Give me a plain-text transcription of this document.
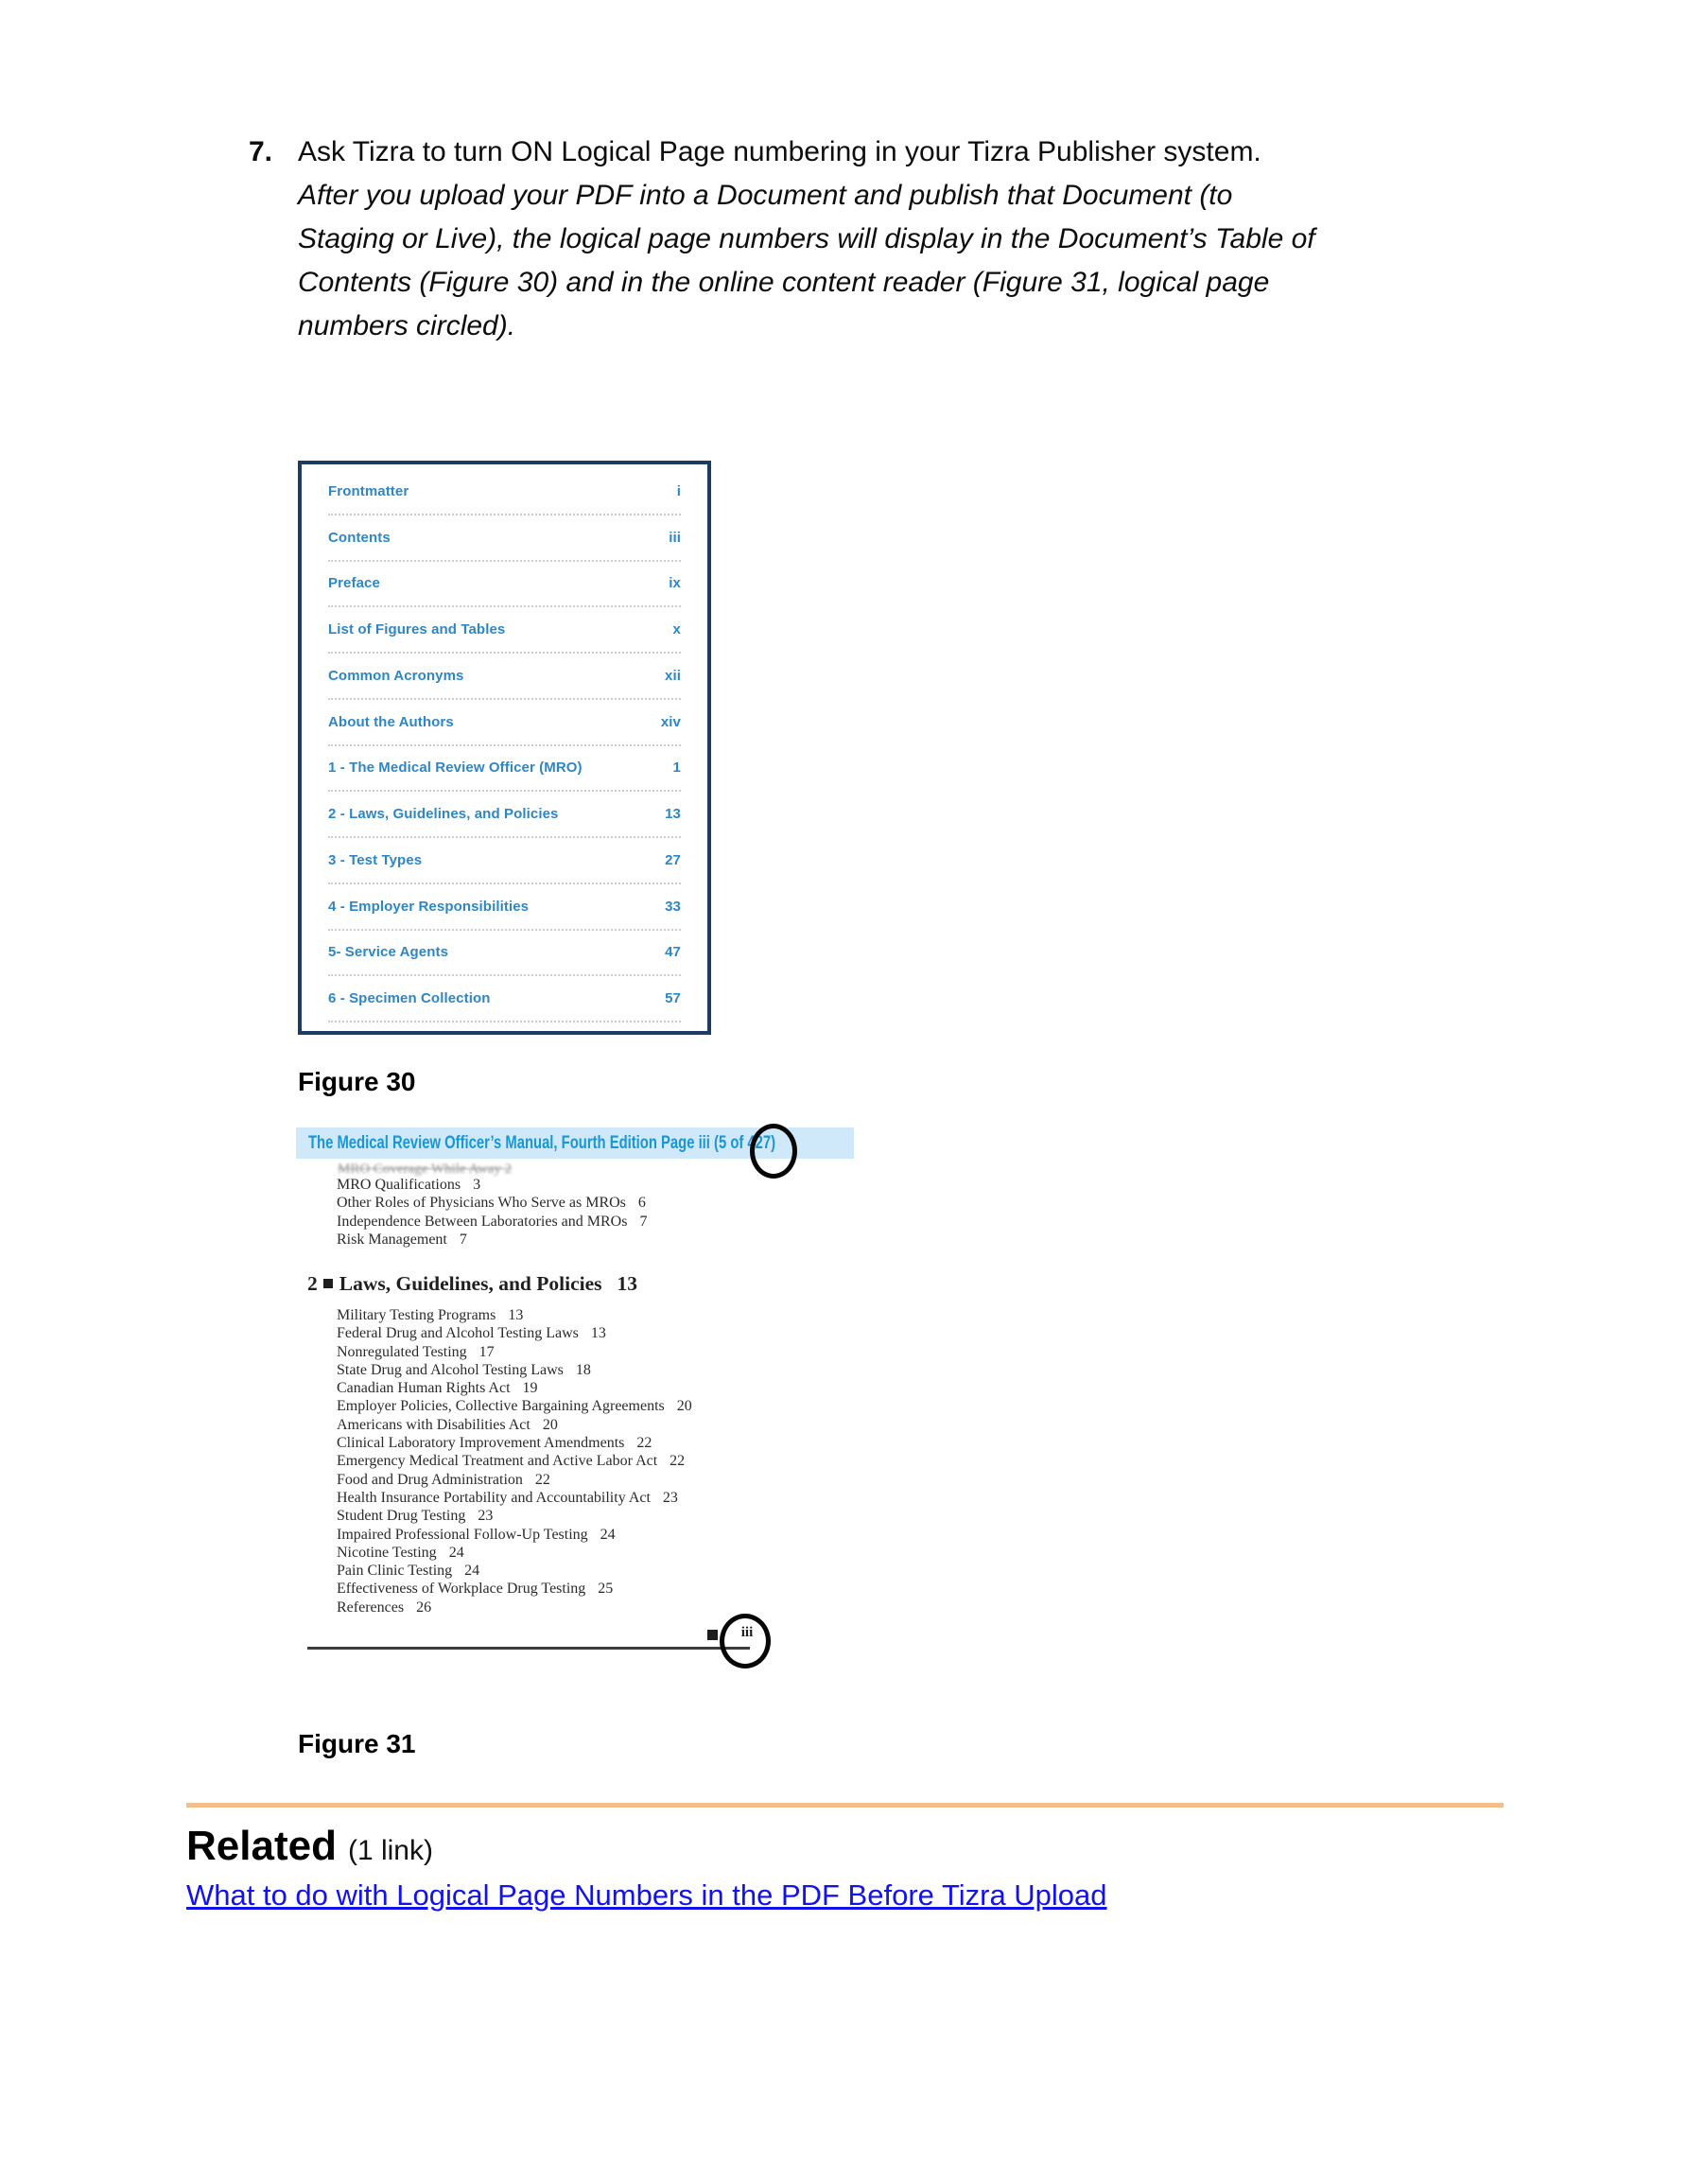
7. Ask Tizra to turn ON Logical Page numbering in your Tizra Publisher system.
After you upload your PDF into a Document and publish that Document (to
Staging or Live), the logical page numbers will display in the Document’s Table of
Contents (Figure 30) and in the online content reader (Figure 31, logical page
numbers circled).
Frontmatter	i
Contents	iii
Preface	ix
List of Figures and Tables	x
Common Acronyms	xii
About the Authors	xiv
1 - The Medical Review Officer (MRO)	1
2 - Laws, Guidelines, and Policies	13
3 - Test Types	27
4 - Employer Responsibilities	33
5- Service Agents	47
6 - Specimen Collection	57
Figure 30
The Medical Review Officer’s Manual, Fourth Edition Page iii (5 of 427)
MRO Coverage While Away 2
MRO Qualifications 3
Other Roles of Physicians Who Serve as MROs 6
Independence Between Laboratories and MROs 7
Risk Management 7
2 Laws, Guidelines, and Policies 13
Military Testing Programs 13
Federal Drug and Alcohol Testing Laws 13
Nonregulated Testing 17
State Drug and Alcohol Testing Laws 18
Canadian Human Rights Act 19
Employer Policies, Collective Bargaining Agreements 20
Americans with Disabilities Act 20
Clinical Laboratory Improvement Amendments 22
Emergency Medical Treatment and Active Labor Act 22
Food and Drug Administration 22
Health Insurance Portability and Accountability Act 23
Student Drug Testing 23
Impaired Professional Follow-Up Testing 24
Nicotine Testing 24
Pain Clinic Testing 24
Effectiveness of Workplace Drug Testing 25
References 26
iii
Figure 31
Related (1 link)
What to do with Logical Page Numbers in the PDF Before Tizra Upload
